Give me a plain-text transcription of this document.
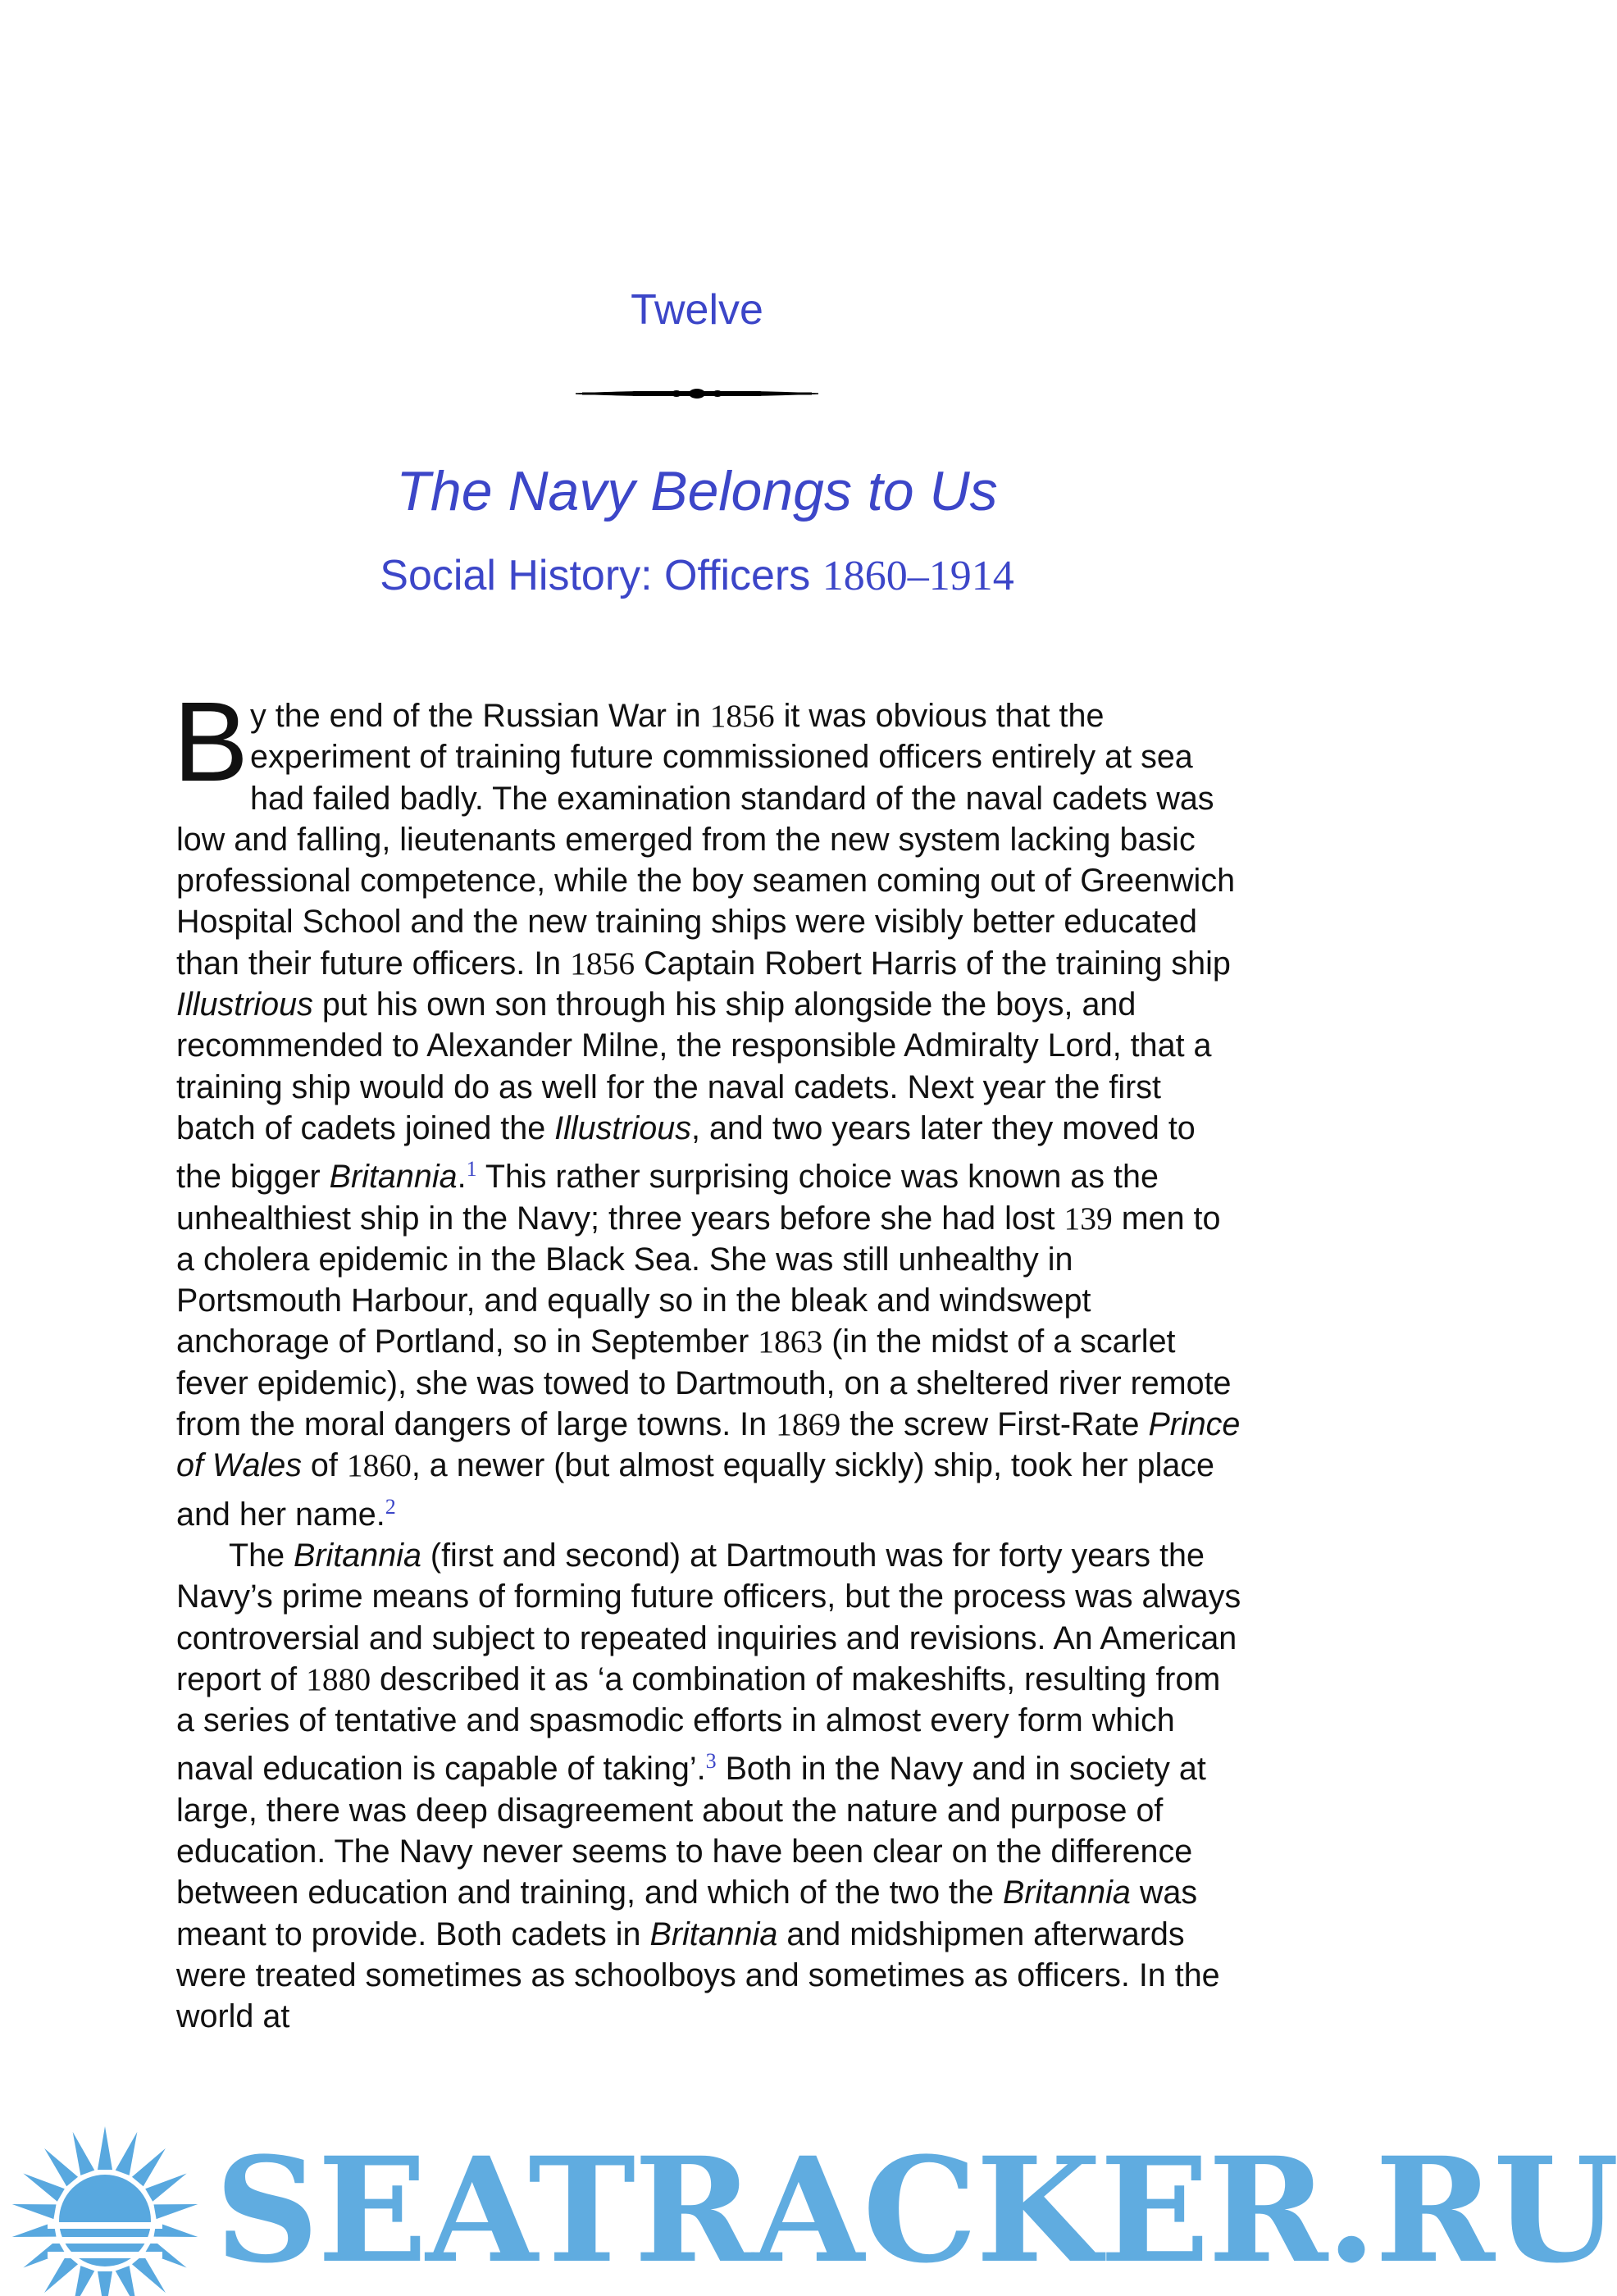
Twelve
The Navy Belongs to Us
Social History: Officers 1860–1914

By the end of the Russian War in 1856 it was obvious that the experiment of training future commissioned officers entirely at sea had failed badly. The examination standard of the naval cadets was low and falling, lieutenants emerged from the new system lacking basic professional competence, while the boy seamen coming out of Greenwich Hospital School and the new training ships were visibly better educated than their future officers. In 1856 Captain Robert Harris of the training ship Illustrious put his own son through his ship alongside the boys, and recommended to Alexander Milne, the responsible Admiralty Lord, that a training ship would do as well for the naval cadets. Next year the first batch of cadets joined the Illustrious, and two years later they moved to the bigger Britannia.$^1$ This rather surprising choice was known as the unhealthiest ship in the Navy; three years before she had lost 139 men to a cholera epidemic in the Black Sea. She was still unhealthy in Portsmouth Harbour, and equally so in the bleak and windswept anchorage of Portland, so in September 1863 (in the midst of a scarlet fever epidemic), she was towed to Dartmouth, on a sheltered river remote from the moral dangers of large towns. In 1869 the screw First-Rate Prince of Wales of 1860, a newer (but almost equally sickly) ship, took her place and her name.$^2$

The Britannia (first and second) at Dartmouth was for forty years the Navy’s prime means of forming future officers, but the process was always controversial and subject to repeated inquiries and revisions. An American report of 1880 described it as ‘a combination of makeshifts, resulting from a series of tentative and spasmodic efforts in almost every form which naval education is capable of taking’.$^3$ Both in the Navy and in society at large, there was deep disagreement about the nature and purpose of education. The Navy never seems to have been clear on the difference between education and training, and which of the two the Britannia was meant to provide. Both cadets in Britannia and midshipmen afterwards were treated sometimes as schoolboys and sometimes as officers. In the world at

SEATRACKER.RU
